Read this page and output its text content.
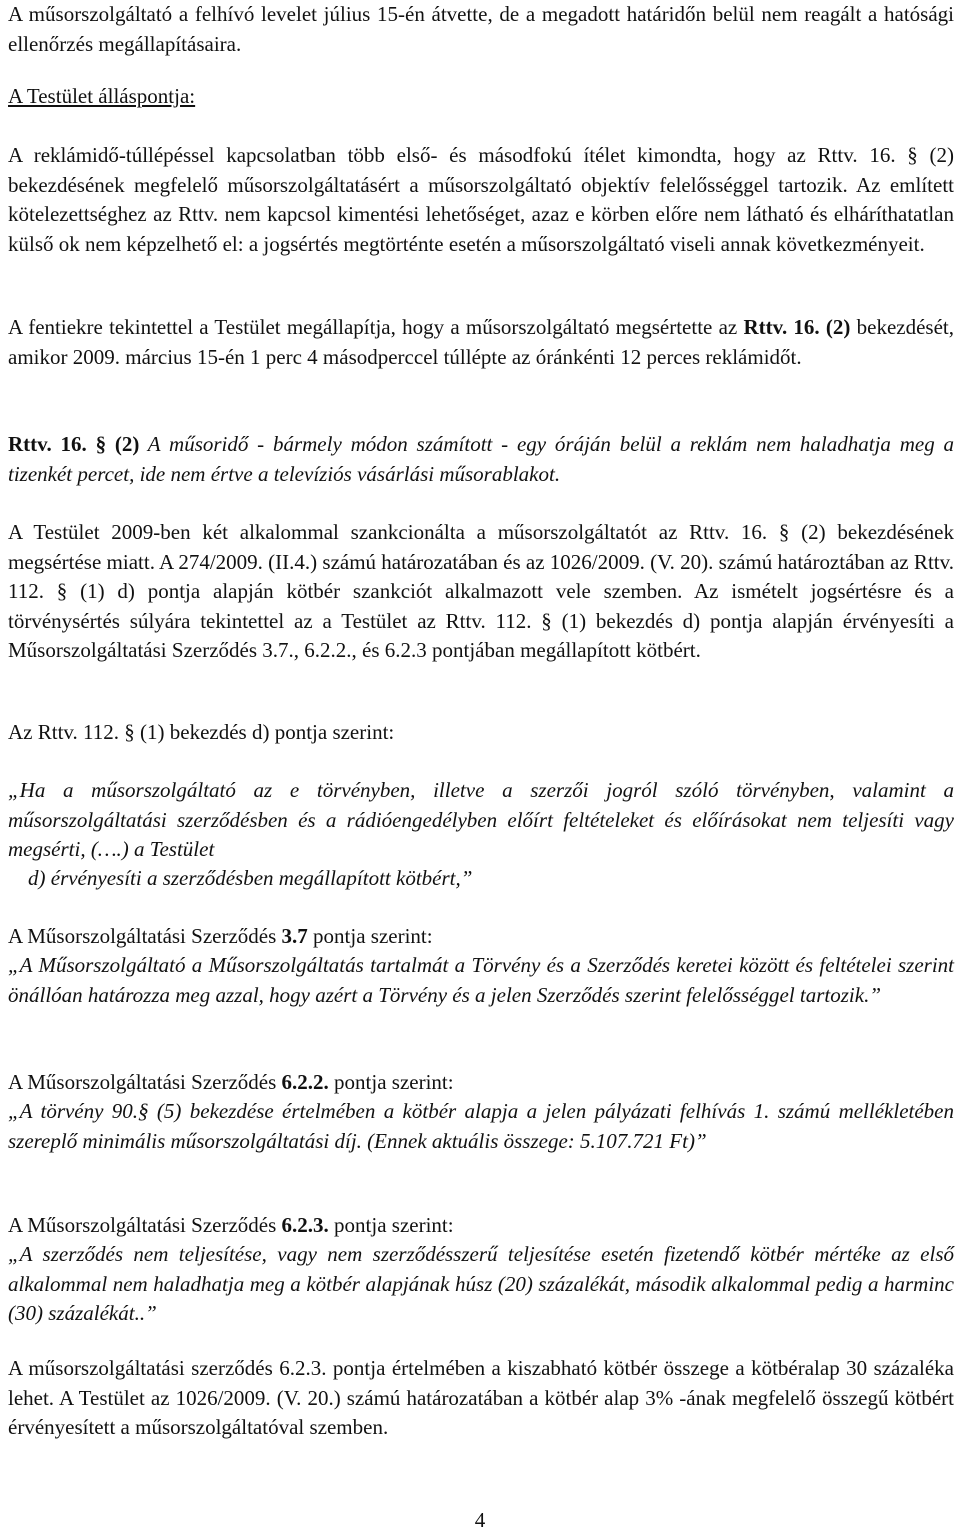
A műsorszolgáltató a felhívó levelet július 15-én átvette, de a megadott határidőn belül nem reagált a hatósági ellenőrzés megállapításaira.

A Testület álláspontja:

A reklámidő-túllépéssel kapcsolatban több első- és másodfokú ítélet kimondta, hogy az Rttv. 16. § (2) bekezdésének megfelelő műsorszolgáltatásért a műsorszolgáltató objektív felelősséggel tartozik. Az említett kötelezettséghez az Rttv. nem kapcsol kimentési lehetőséget, azaz e körben előre nem látható és elháríthatatlan külső ok nem képzelhető el: a jogsértés megtörténte esetén a műsorszolgáltató viseli annak következményeit.

A fentiekre tekintettel a Testület megállapítja, hogy a műsorszolgáltató megsértette az Rttv. 16. (2) bekezdését, amikor 2009. március 15-én 1 perc 4 másodperccel túllépte az óránkénti 12 perces reklámidőt.

Rttv. 16. § (2) A műsoridő - bármely módon számított - egy óráján belül a reklám nem haladhatja meg a tizenkét percet, ide nem értve a televíziós vásárlási műsorablakot.

A Testület 2009-ben két alkalommal szankcionálta a műsorszolgáltatót az Rttv. 16. § (2) bekezdésének megsértése miatt. A 274/2009. (II.4.) számú határozatában és az 1026/2009. (V. 20). számú határoztában az Rttv. 112. § (1) d) pontja alapján kötbér szankciót alkalmazott vele szemben. Az ismételt jogsértésre és a törvénysértés súlyára tekintettel az a Testület az Rttv. 112. § (1) bekezdés d) pontja alapján érvényesíti a Műsorszolgáltatási Szerződés 3.7., 6.2.2., és 6.2.3 pontjában megállapított kötbért.

Az Rttv. 112. § (1) bekezdés d) pontja szerint:

„Ha a műsorszolgáltató az e törvényben, illetve a szerzői jogról szóló törvényben, valamint a műsorszolgáltatási szerződésben és a rádióengedélyben előírt feltételeket és előírásokat nem teljesíti vagy megsérti, (….) a Testület

d) érvényesíti a szerződésben megállapított kötbért,”

A Műsorszolgáltatási Szerződés 3.7 pontja szerint:

„A Műsorszolgáltató a Műsorszolgáltatás tartalmát a Törvény és a Szerződés keretei között és feltételei szerint önállóan határozza meg azzal, hogy azért a Törvény és a jelen Szerződés szerint felelősséggel tartozik.”

A Műsorszolgáltatási Szerződés 6.2.2. pontja szerint:

„A törvény 90.§ (5) bekezdése értelmében a kötbér alapja a jelen pályázati felhívás 1. számú mellékletében szereplő minimális műsorszolgáltatási díj. (Ennek aktuális összege: 5.107.721 Ft)”

A Műsorszolgáltatási Szerződés 6.2.3. pontja szerint:

„A szerződés nem teljesítése, vagy nem szerződésszerű teljesítése esetén fizetendő kötbér mértéke az első alkalommal nem haladhatja meg a kötbér alapjának húsz (20) százalékát, második alkalommal pedig a harminc (30) százalékát..”

A műsorszolgáltatási szerződés 6.2.3. pontja értelmében a kiszabható kötbér összege a kötbéralap 30 százaléka lehet. A Testület az 1026/2009. (V. 20.) számú határozatában a kötbér alap 3% -ának megfelelő összegű kötbért érvényesített a műsorszolgáltatóval szemben.

4
